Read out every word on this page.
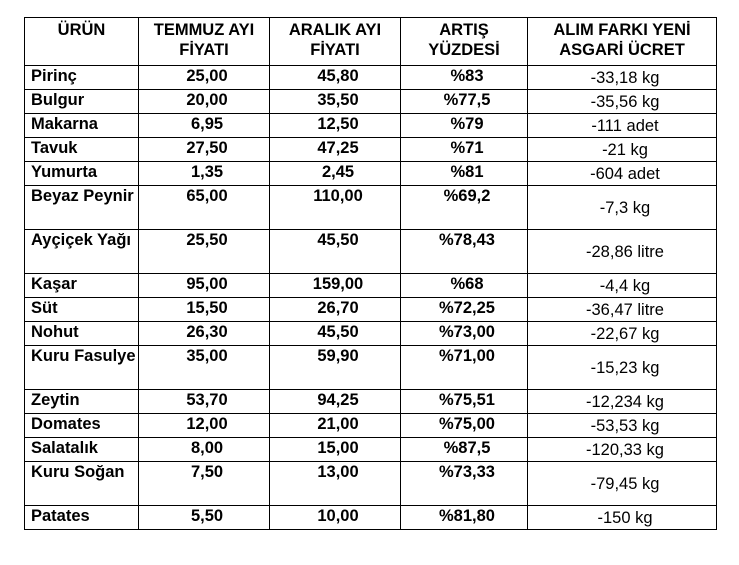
ÜRÜN	TEMMUZ AYI FİYATI	ARALIK AYI FİYATI	ARTIŞ YÜZDESİ	ALIM FARKI YENİ ASGARİ ÜCRET
Pirinç	25,00	45,80	%83	-33,18 kg
Bulgur	20,00	35,50	%77,5	-35,56 kg
Makarna	6,95	12,50	%79	-111 adet
Tavuk	27,50	47,25	%71	-21 kg
Yumurta	1,35	2,45	%81	-604 adet
Beyaz Peynir	65,00	110,00	%69,2	-7,3 kg
Ayçiçek Yağı	25,50	45,50	%78,43	-28,86 litre
Kaşar	95,00	159,00	%68	-4,4 kg
Süt	15,50	26,70	%72,25	-36,47 litre
Nohut	26,30	45,50	%73,00	-22,67 kg
Kuru Fasulye	35,00	59,90	%71,00	-15,23 kg
Zeytin	53,70	94,25	%75,51	-12,234 kg
Domates	12,00	21,00	%75,00	-53,53 kg
Salatalık	8,00	15,00	%87,5	-120,33 kg
Kuru Soğan	7,50	13,00	%73,33	-79,45 kg
Patates	5,50	10,00	%81,80	-150 kg
